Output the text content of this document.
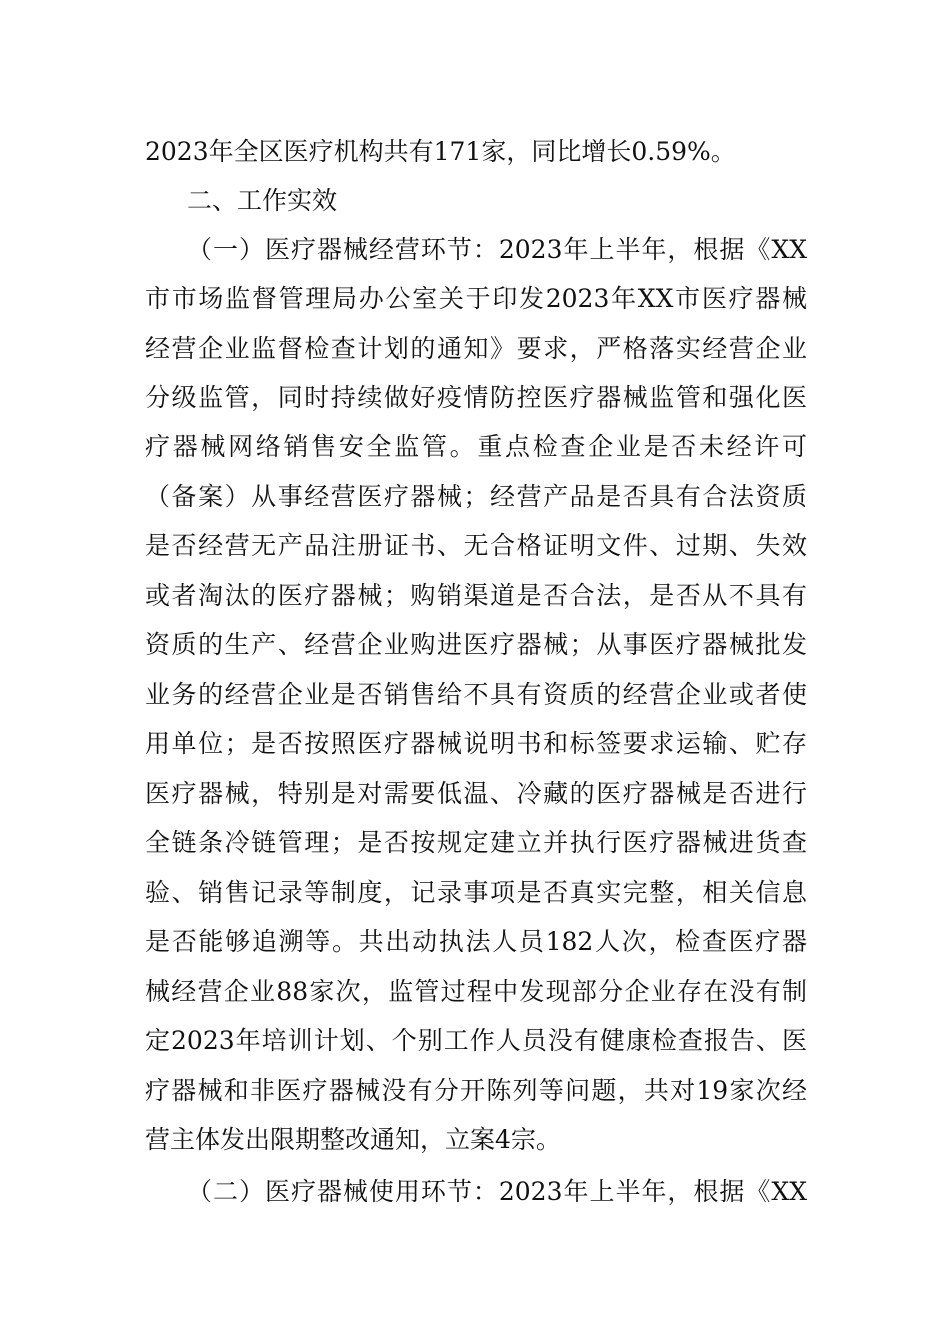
2023年全区医疗机构共有171家，同比增长0.59%。
二、工作实效
（一）医疗器械经营环节：2023年上半年，根据《XX
市市场监督管理局办公室关于印发2023年XX市医疗器械
经营企业监督检查计划的通知》要求，严格落实经营企业
分级监管，同时持续做好疫情防控医疗器械监管和强化医
疗器械网络销售安全监管。重点检查企业是否未经许可
（备案）从事经营医疗器械；经营产品是否具有合法资质
是否经营无产品注册证书、无合格证明文件、过期、失效
或者淘汰的医疗器械；购销渠道是否合法，是否从不具有
资质的生产、经营企业购进医疗器械；从事医疗器械批发
业务的经营企业是否销售给不具有资质的经营企业或者使
用单位；是否按照医疗器械说明书和标签要求运输、贮存
医疗器械，特别是对需要低温、冷藏的医疗器械是否进行
全链条冷链管理；是否按规定建立并执行医疗器械进货查
验、销售记录等制度，记录事项是否真实完整，相关信息
是否能够追溯等。共出动执法人员182人次，检查医疗器
械经营企业88家次，监管过程中发现部分企业存在没有制
定2023年培训计划、个别工作人员没有健康检查报告、医
疗器械和非医疗器械没有分开陈列等问题，共对19家次经
营主体发出限期整改通知，立案4宗。
（二）医疗器械使用环节：2023年上半年，根据《XX
